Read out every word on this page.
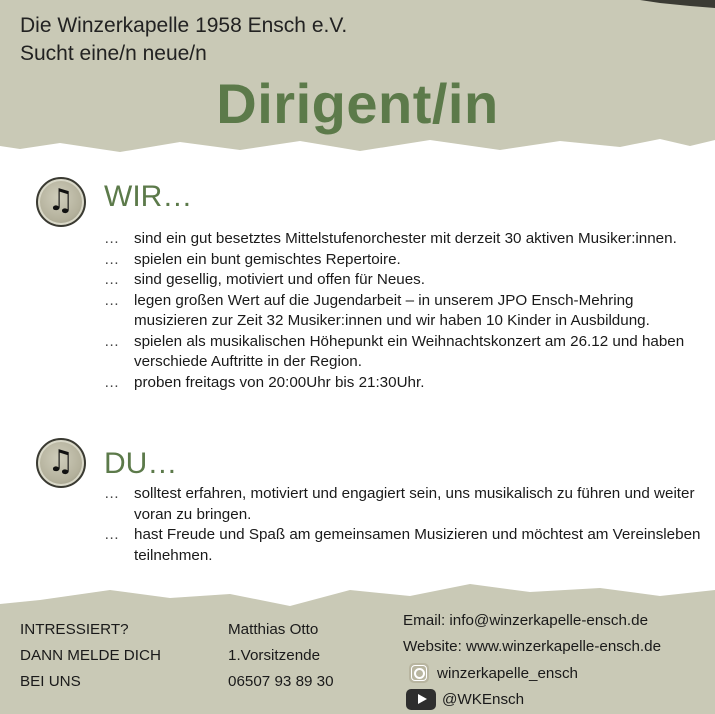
Die Winzerkapelle 1958 Ensch e.V.
Sucht eine/n neue/n
Dirigent/in
♫ WIR…
… sind ein gut besetztes Mittelstufenorchester mit derzeit 30 aktiven Musiker:innen.
… spielen ein bunt gemischtes Repertoire.
… sind gesellig, motiviert und offen für Neues.
… legen großen Wert auf die Jugendarbeit – in unserem JPO Ensch-Mehring musizieren zur Zeit 32 Musiker:innen und wir haben 10 Kinder in Ausbildung.
… spielen als musikalischen Höhepunkt ein Weihnachtskonzert am 26.12 und haben verschiede Auftritte in der Region.
… proben freitags von 20:00Uhr bis 21:30Uhr.
♫ DU…
… solltest erfahren, motiviert und engagiert sein, uns musikalisch zu führen und weiter voran zu bringen.
… hast Freude und Spaß am gemeinsamen Musizieren und möchtest am Vereinsleben teilnehmen.
INTRESSIERT?
DANN MELDE DICH
BEI UNS
Matthias Otto
1.Vorsitzende
06507 93 89 30
Email: info@winzerkapelle-ensch.de
Website: www.winzerkapelle-ensch.de
winzerkapelle_ensch
@WKEnsch
